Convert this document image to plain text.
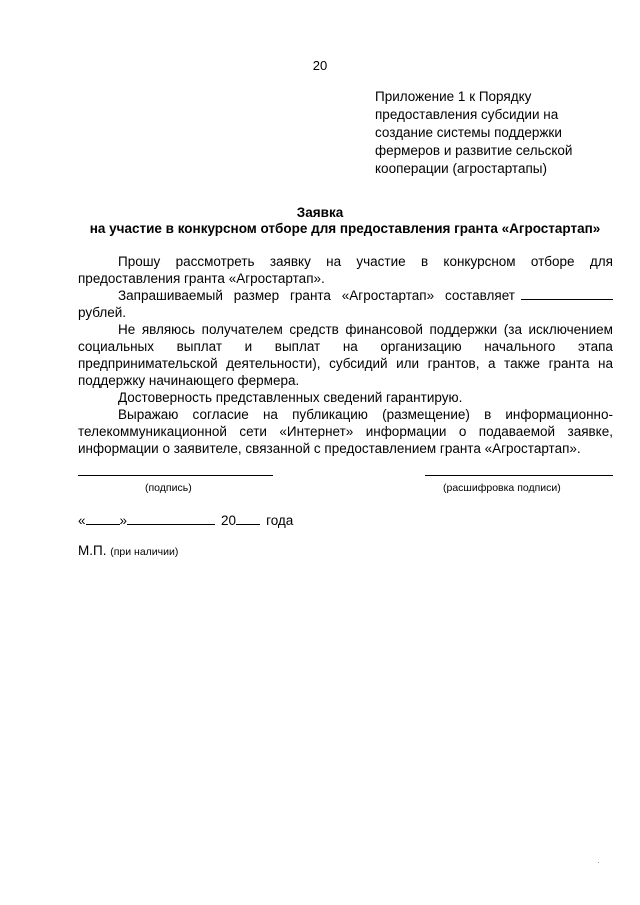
20
Приложение 1 к Порядку
предоставления субсидии на
создание системы поддержки
фермеров и развитие сельской
кооперации (агростартапы)
Заявка
на участие в конкурсном отборе для предоставления гранта «Агростартап»
Прошу рассмотреть заявку на участие в конкурсном отборе для
предоставления гранта «Агростартап».
Запрашиваемый размер гранта «Агростартап» составляет
рублей.
Не являюсь получателем средств финансовой поддержки (за исключением
социальных выплат и выплат на организацию начального этапа
предпринимательской деятельности), субсидий или грантов, а также гранта на
поддержку начинающего фермера.
Достоверность представленных сведений гарантирую.
Выражаю согласие на публикацию (размещение) в информационно-
телекоммуникационной сети «Интернет» информации о подаваемой заявке,
информации о заявителе, связанной с предоставлением гранта «Агростартап».
(подпись)	(расшифровка подписи)
«	»	20 года
М.П. (при наличии)
